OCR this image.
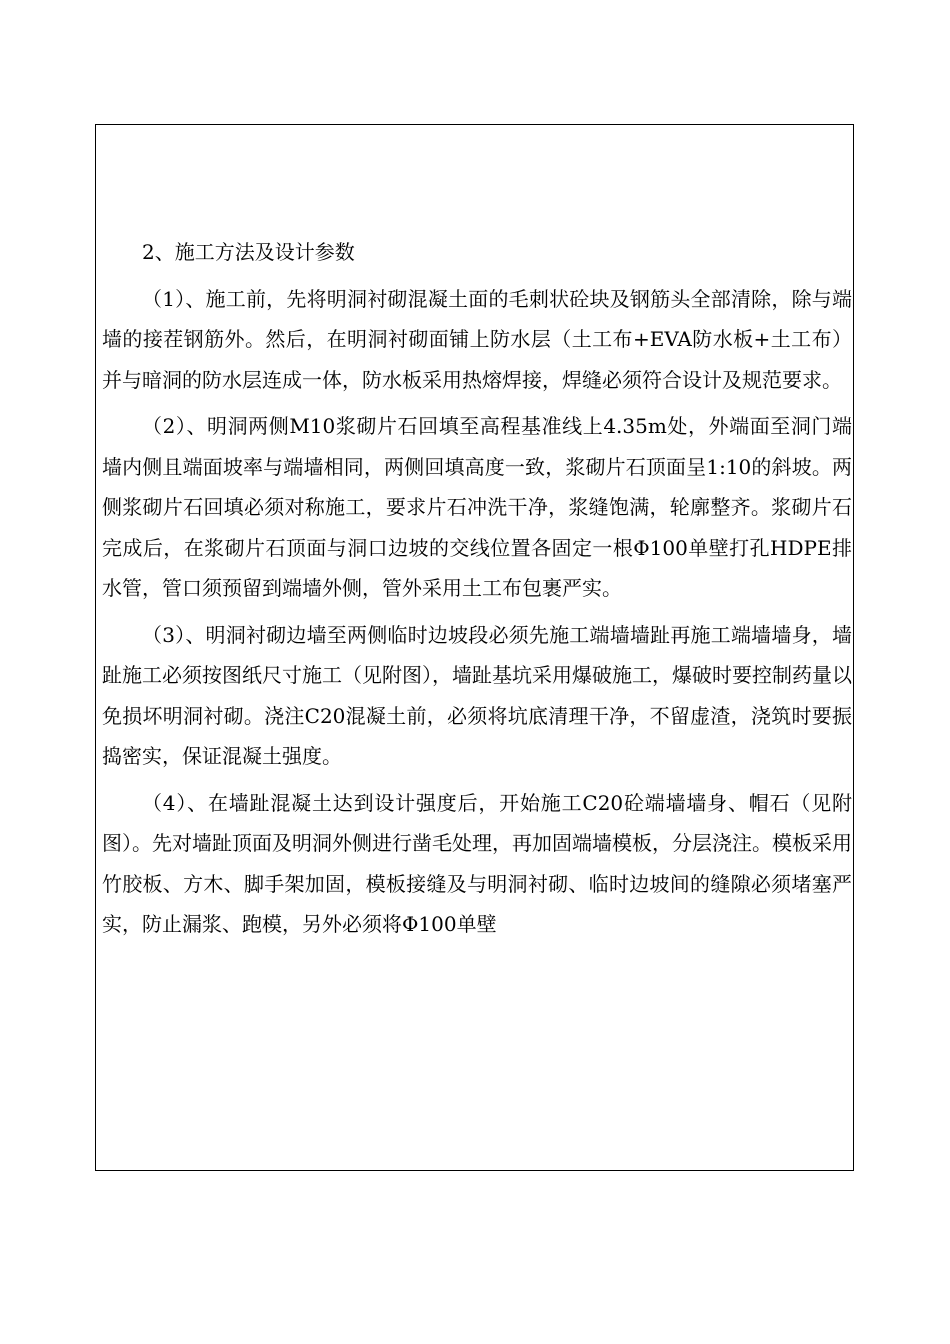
2、施工方法及设计参数

（1）、施工前，先将明洞衬砌混凝土面的毛刺状砼块及钢筋头全部清除，除与端墙的接茬钢筋外。然后，在明洞衬砌面铺上防水层（土工布+EVA防水板+土工布）并与暗洞的防水层连成一体，防水板采用热熔焊接，焊缝必须符合设计及规范要求。

（2）、明洞两侧M10浆砌片石回填至高程基准线上4.35m处，外端面至洞门端墙内侧且端面坡率与端墙相同，两侧回填高度一致，浆砌片石顶面呈1:10的斜坡。两侧浆砌片石回填必须对称施工，要求片石冲洗干净，浆缝饱满，轮廓整齐。浆砌片石完成后，在浆砌片石顶面与洞口边坡的交线位置各固定一根Φ100单壁打孔HDPE排水管，管口须预留到端墙外侧，管外采用土工布包裹严实。

（3）、明洞衬砌边墙至两侧临时边坡段必须先施工端墙墙趾再施工端墙墙身，墙趾施工必须按图纸尺寸施工（见附图），墙趾基坑采用爆破施工，爆破时要控制药量以免损坏明洞衬砌。浇注C20混凝土前，必须将坑底清理干净，不留虚渣，浇筑时要振捣密实，保证混凝土强度。

（4）、在墙趾混凝土达到设计强度后，开始施工C20砼端墙墙身、帽石（见附图）。先对墙趾顶面及明洞外侧进行凿毛处理，再加固端墙模板，分层浇注。模板采用竹胶板、方木、脚手架加固，模板接缝及与明洞衬砌、临时边坡间的缝隙必须堵塞严实，防止漏浆、跑模，另外必须将Φ100单壁
